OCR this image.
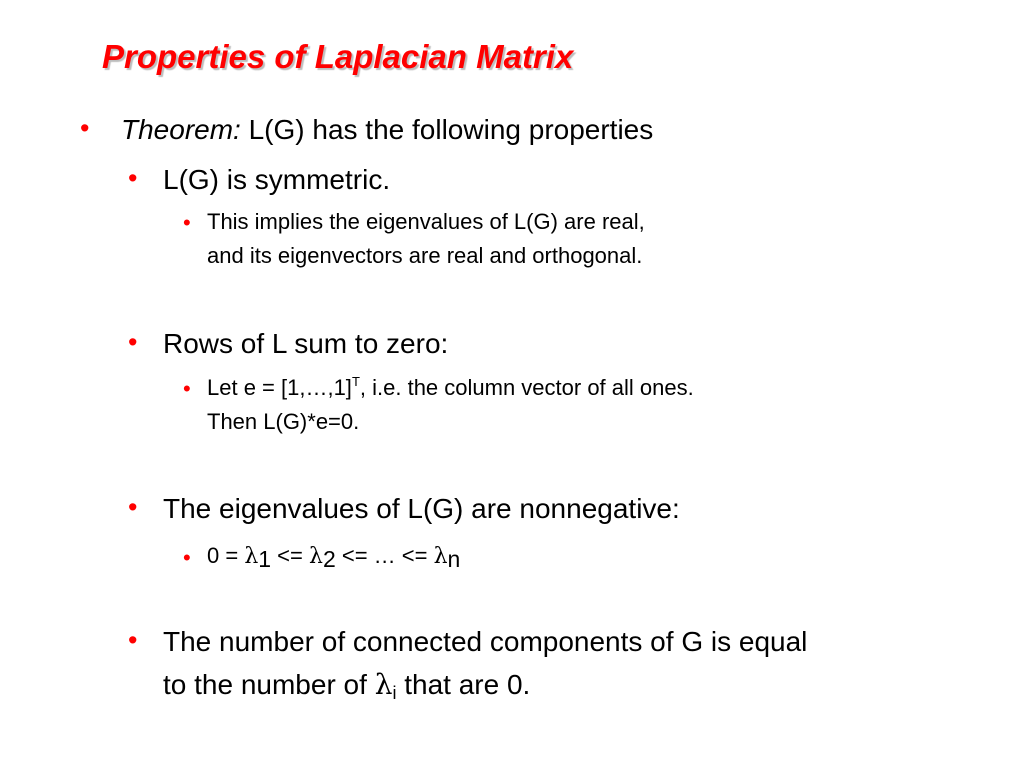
Properties of Laplacian Matrix
• Theorem: L(G) has the following properties
• L(G) is symmetric.
• This implies the eigenvalues of L(G) are real,
and its eigenvectors are real and orthogonal.
• Rows of L sum to zero:
• Let e = [1,…,1]$^T$, i.e. the column vector of all ones.
Then L(G)*e=0.
• The eigenvalues of L(G) are nonnegative:
• 0 = λ1 <= λ2 <= … <= λn
• The number of connected components of G is equal
to the number of λi that are 0.
